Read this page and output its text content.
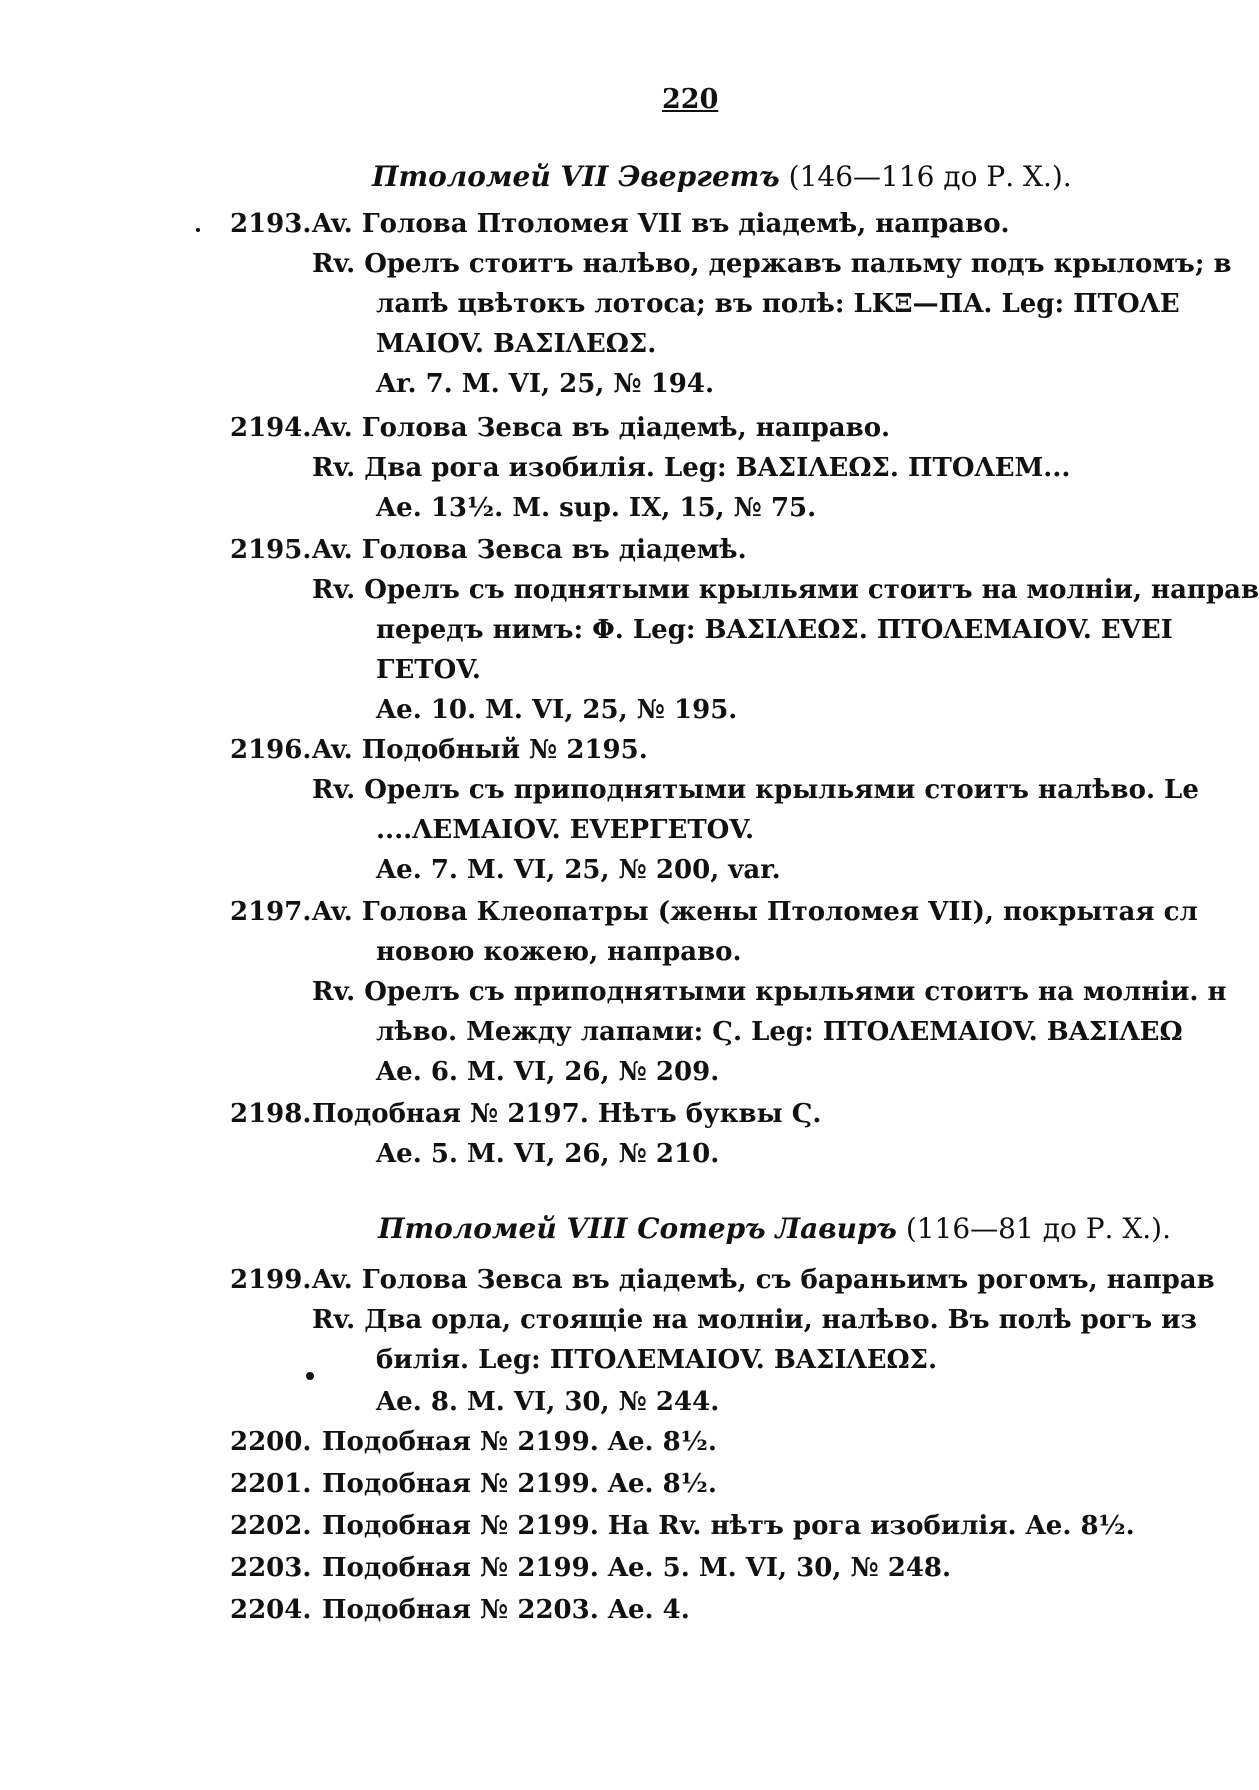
220
Птоломей VII Эвергетъ (146—116 до Р. Х.).
2193. Av. Голова Птоломея VII въ діадемѣ, направо.
Rv. Орелъ стоитъ налѣво, державъ пальму подъ крыломъ; в
лапѣ цвѣтокъ лотоса; въ полѣ: LKΞ—ΠA. Leg: ΠΤΟΛΕ
MAIOV. ΒΑΣΙΛΕΩΣ.
Ar. 7. M. VI, 25, № 194.
2194. Av. Голова Зевса въ діадемѣ, направо.
Rv. Два рога изобилія. Leg: ΒΑΣΙΛΕΩΣ. ΠΤΟΛΕΜ...
Ae. 13½. M. sup. IX, 15, № 75.
2195. Av. Голова Зевса въ діадемѣ.
Rv. Орелъ съ поднятыми крыльями стоитъ на молніи, направ
передъ нимъ: Φ. Leg: ΒΑΣΙΛΕΩΣ. ΠΤΟΛΕΜΑΙΟV. ΕVΕΙ
ΓΕΤΟV.
Ae. 10. M. VI, 25, № 195.
2196. Av. Подобный № 2195.
Rv. Орелъ съ приподнятыми крыльями стоитъ налѣво. Le
....ΛΕΜΑΙΟV. ΕVΕΡΓΕΤΟV.
Ae. 7. M. VI, 25, № 200, var.
2197. Av. Голова Клеопатры (жены Птоломея VII), покрытая сл
новою кожею, направо.
Rv. Орелъ съ приподнятыми крыльями стоитъ на молніи. н
лѣво. Между лапами: Ϛ. Leg: ΠΤΟΛΕΜΑΙΟV. ΒΑΣΙΛΕΩ
Ae. 6. M. VI, 26, № 209.
2198. Подобная № 2197. Нѣтъ буквы Ϛ.
Ae. 5. M. VI, 26, № 210.
Птоломей VIII Сотеръ Лавиръ (116—81 до Р. Х.).
2199. Av. Голова Зевса въ діадемѣ, съ бараньимъ рогомъ, направ
Rv. Два орла, стоящіе на молніи, налѣво. Въ полѣ рогъ из
билія. Leg: ΠΤΟΛΕΜΑΙΟV. ΒΑΣΙΛΕΩΣ.
Ae. 8. M. VI, 30, № 244.
2200. Подобная № 2199. Ae. 8½.
2201. Подобная № 2199. Ae. 8½.
2202. Подобная № 2199. На Rv. нѣтъ рога изобилія. Ae. 8½.
2203. Подобная № 2199. Ae. 5. M. VI, 30, № 248.
2204. Подобная № 2203. Ae. 4.
